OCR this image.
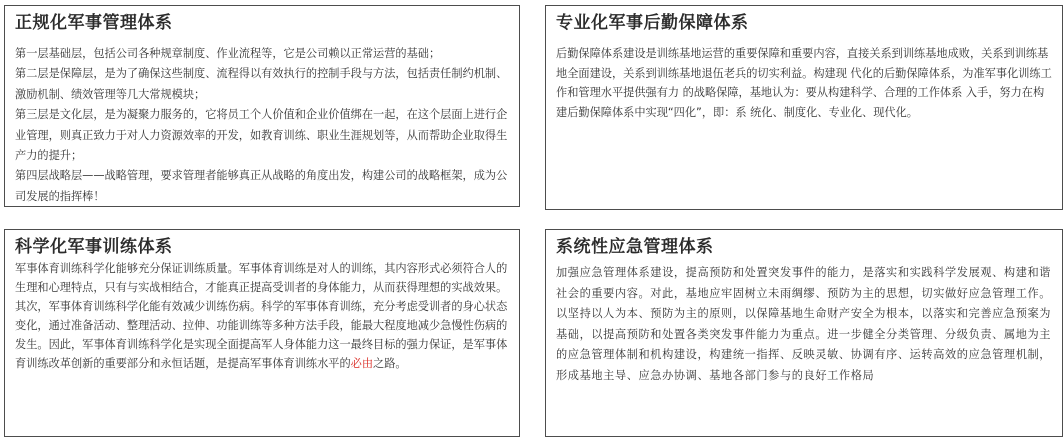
正规化军事管理体系

第一层基础层，包括公司各种规章制度、作业流程等，它是公司赖以正常运营的基础；

第二层是保障层，是为了确保这些制度、流程得以有效执行的控制手段与方法，包括责任制约机制、激励机制、绩效管理等几大常规模块；

第三层是文化层，是为凝聚力服务的，它将员工个人价值和企业价值绑在一起，在这个层面上进行企业管理，则真正致力于对人力资源效率的开发，如教育训练、职业生涯规划等，从而帮助企业取得生产力的提升；

第四层战略层——战略管理，要求管理者能够真正从战略的角度出发，构建公司的战略框架，成为公司发展的指挥棒！

专业化军事后勤保障体系

后勤保障体系建设是训练基地运营的重要保障和重要内容，直接关系到训练基地成败，关系到训练基地全面建设，关系到训练基地退伍老兵的切实利益。构建现 代化的后勤保障体系，为准军事化训练工作和管理水平提供强有力 的战略保障，基地认为：要从构建科学、合理的工作体系 入手，努力在构建后勤保障体系中实现“四化”，即：系 统化、制度化、专业化、现代化。

科学化军事训练体系

军事体育训练科学化能够充分保证训练质量。军事体育训练是对人的训练，其内容形式必须符合人的生理和心理特点，只有与实战相结合，才能真正提高受训者的身体能力，从而获得理想的实战效果。其次，军事体育训练科学化能有效减少训练伤病。科学的军事体育训练，充分考虑受训者的身心状态变化，通过准备活动、整理活动、拉伸、功能训练等多种方法手段，能最大程度地减少急慢性伤病的发生。因此，军事体育训练科学化是实现全面提高军人身体能力这一最终目标的强力保证，是军事体育训练改革创新的重要部分和永恒话题，是提高军事体育训练水平的必由之路。

系统性应急管理体系

加强应急管理体系建设，提高预防和处置突发事件的能力，是落实和实践科学发展观、构建和谐社会的重要内容。对此，基地应牢固树立未雨绸缪、预防为主的思想，切实做好应急管理工作。以坚持以人为本、预防为主的原则，以保障基地生命财产安全为根本，以落实和完善应急预案为基础，以提高预防和处置各类突发事件能力为重点。进一步健全分类管理、分级负责、属地为主的应急管理体制和机构建设，构建统一指挥、反映灵敏、协调有序、运转高效的应急管理机制，形成基地主导、应急办协调、基地各部门参与的良好工作格局
